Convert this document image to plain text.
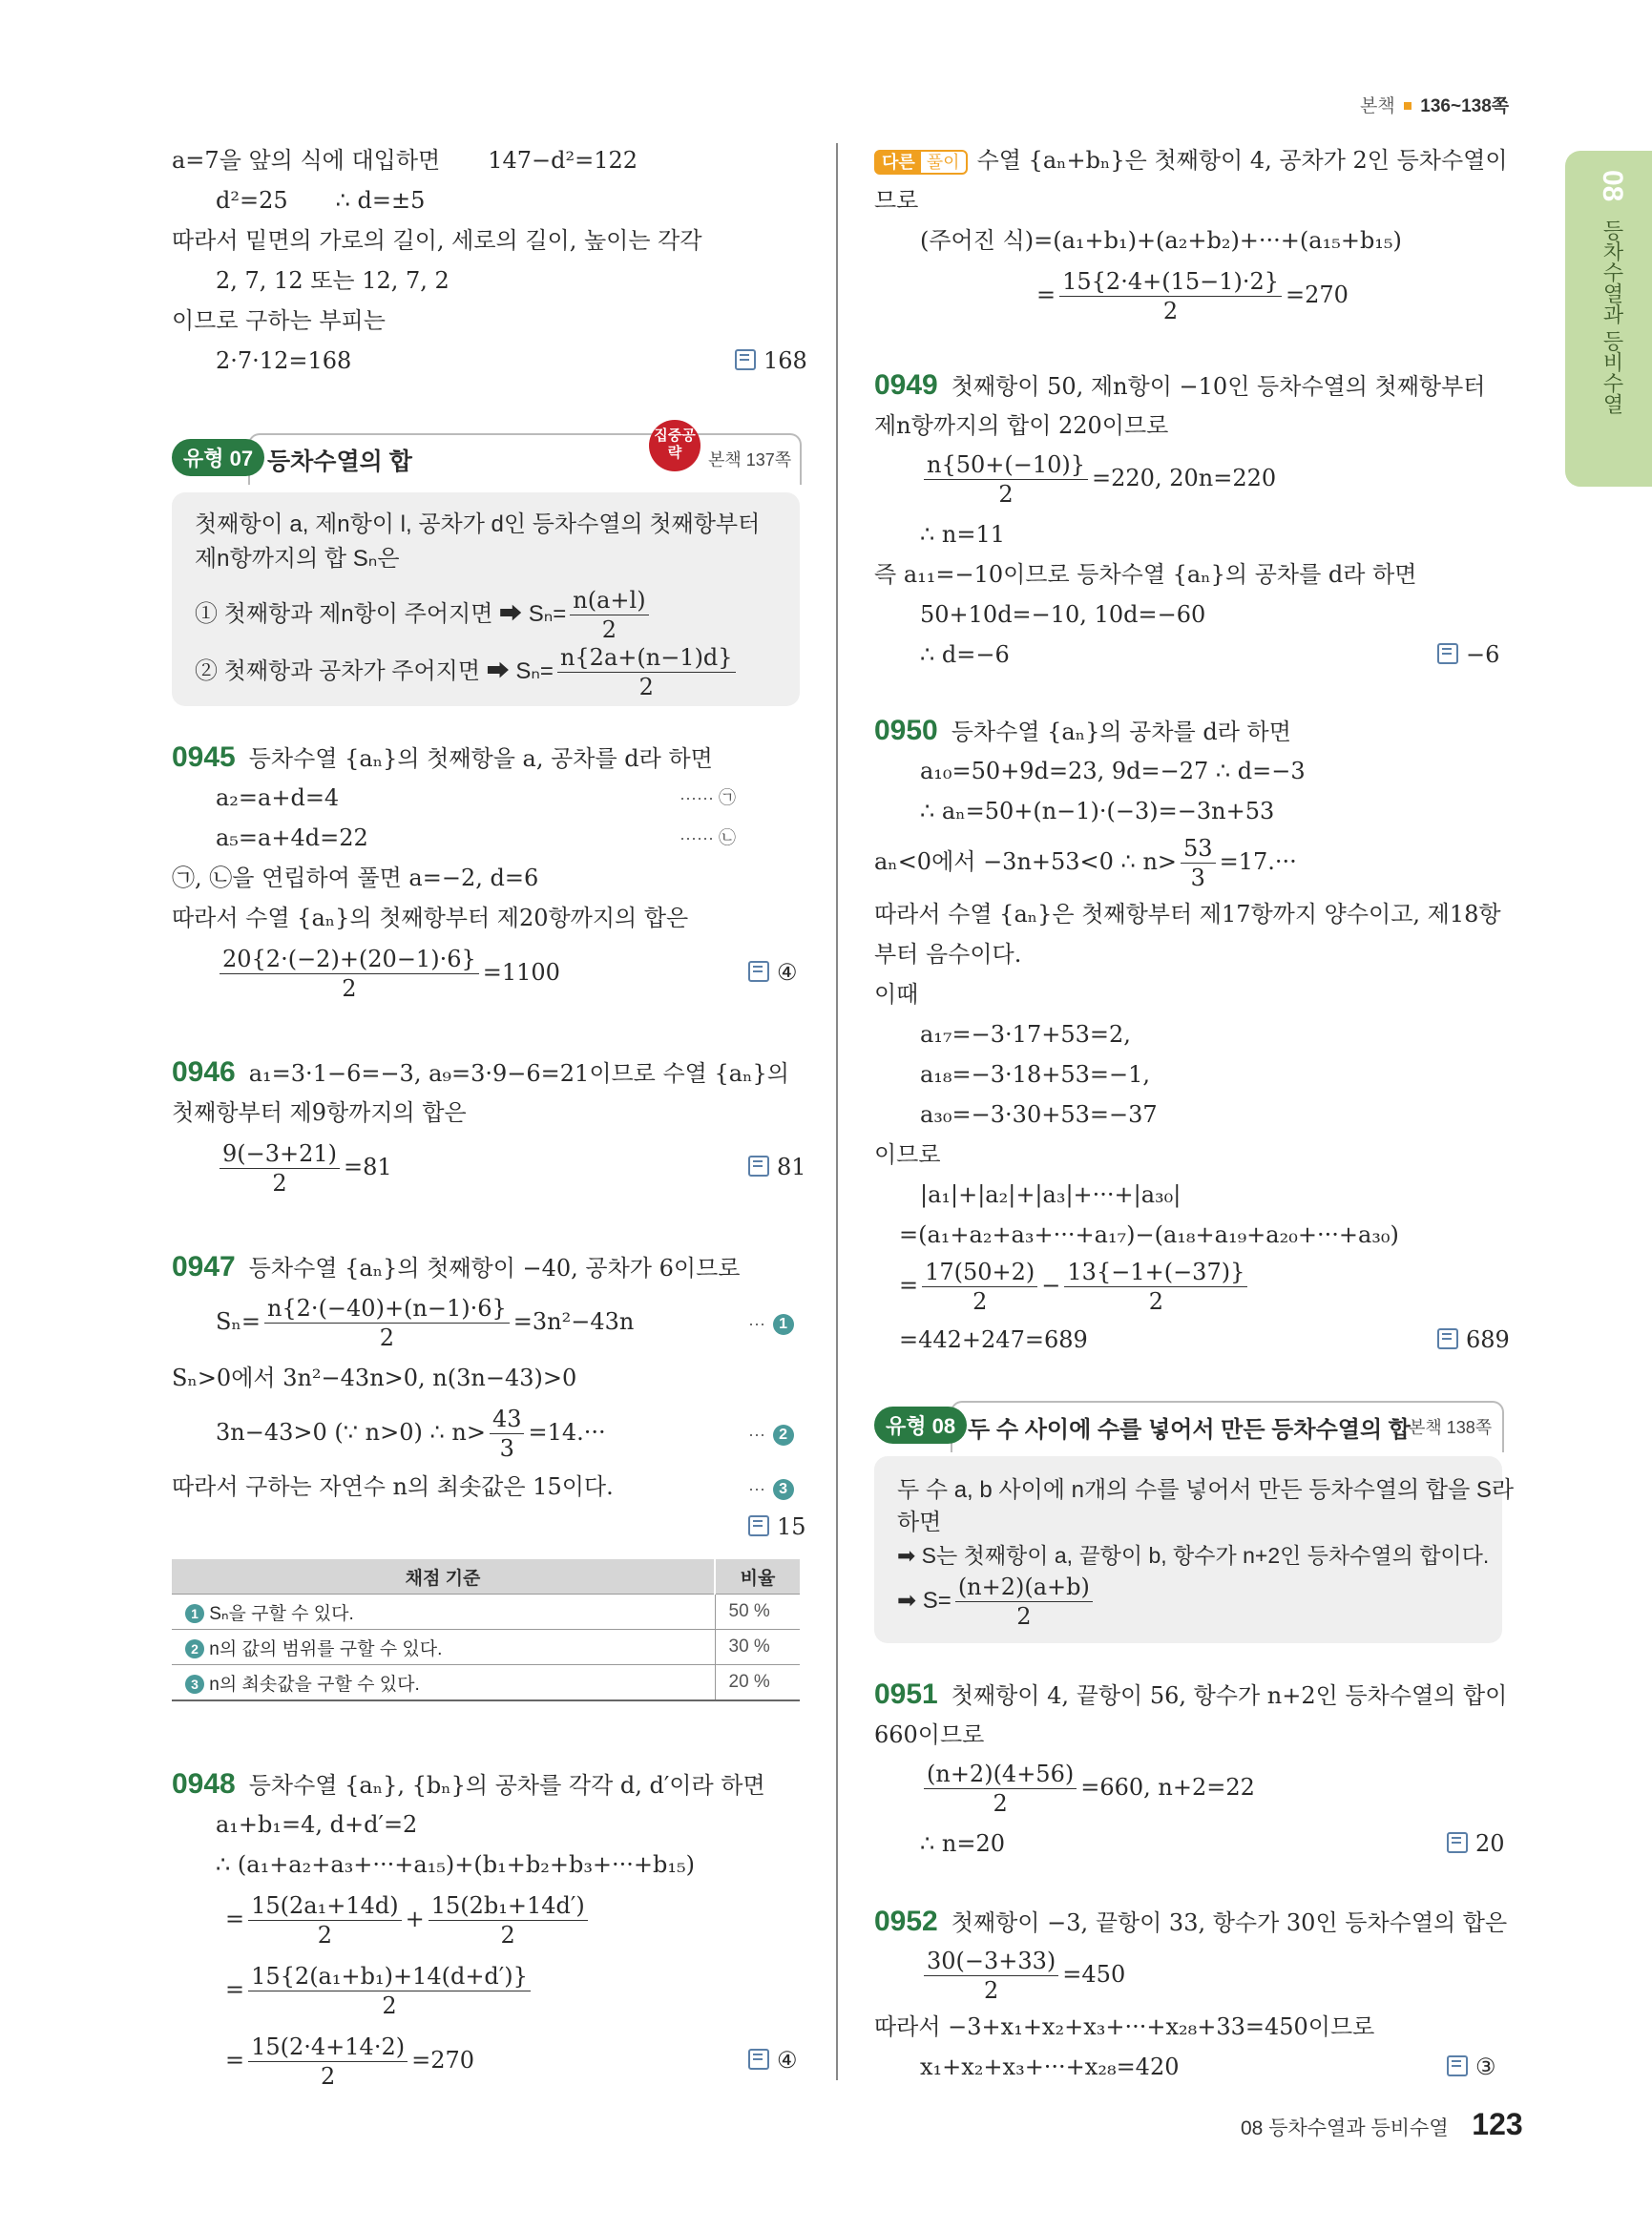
본책 136~138쪽
08
등차수열과 등비수열
a=7을 앞의 식에 대입하면 147−d²=122
d²=25 ∴ d=±5
따라서 밑면의 가로의 길이, 세로의 길이, 높이는 각각
2, 7, 12 또는 12, 7, 2
이므로 구하는 부피는
2·7·12=168	168
유형 07 등차수열의 합
집중공략	본책 137쪽
첫째항이 a, 제n항이 l, 공차가 d인 등차수열의 첫째항부터
제n항까지의 합 Sₙ은
① 첫째항과 제n항이 주어지면 ➡ $S_n= \frac{n(a+l)}{2}$
② 첫째항과 공차가 주어지면 ➡ $S_n= \frac{n\{2a+(n-1)d\}}{2}$
0945 등차수열 {aₙ}의 첫째항을 a, 공차를 d라 하면
a₂=a+d=4	······ ㉠
a₅=a+4d=22	······ ㉡
㉠, ㉡을 연립하여 풀면 a=−2, d=6
따라서 수열 {aₙ}의 첫째항부터 제20항까지의 합은
$\frac{20\{2\cdot(-2)+(20-1)\cdot 6\}}{2} =1100$	④
0946 a₁=3·1−6=−3, a₉=3·9−6=21이므로 수열 {aₙ}의
첫째항부터 제9항까지의 합은
$\frac{9(-3+21)}{2} =81$	81
0947 등차수열 {aₙ}의 첫째항이 −40, 공차가 6이므로
$S_n= \frac{n\{2\cdot(-40)+(n-1)\cdot 6\}}{2} =3n^2-43n$	··· 1
Sₙ>0에서 3n²−43n>0, n(3n−43)>0
3n−43>0 (∵ n>0) ∴ $n> \frac{43}{3} =14.\cdot\cdot\cdot$	··· 2
따라서 구하는 자연수 n의 최솟값은 15이다.	··· 3
15
채점 기준	비율
1 Sₙ을 구할 수 있다.	50 %
2 n의 값의 범위를 구할 수 있다.	30 %
3 n의 최솟값을 구할 수 있다.	20 %
0948 등차수열 {aₙ}, {bₙ}의 공차를 각각 d, d′이라 하면
a₁+b₁=4, d+d′=2
∴ (a₁+a₂+a₃+···+a₁₅)+(b₁+b₂+b₃+···+b₁₅)
= $\frac{\text{15(2a₁+14d)}}{2} + \frac{\text{15(2b₁+14d′)}}{2}$
= $\frac{\text{15\{2(a₁+b₁)+14(d+d′)\}}}{2}$
= $\frac{15(2\cdot 4+14\cdot 2)}{2} =270$	④
다른 풀이 수열 {aₙ+bₙ}은 첫째항이 4, 공차가 2인 등차수열이
므로
(주어진 식)=(a₁+b₁)+(a₂+b₂)+···+(a₁₅+b₁₅)
= $\frac{15\{2\cdot 4+(15-1)\cdot 2\}}{2} =270$
0949 첫째항이 50, 제n항이 −10인 등차수열의 첫째항부터
제n항까지의 합이 220이므로
$\frac{n\{50+(-10)\}}{2} =220$, 20n=220
∴ n=11
즉 a₁₁=−10이므로 등차수열 {aₙ}의 공차를 d라 하면
50+10d=−10, 10d=−60
∴ d=−6	−6
0950 등차수열 {aₙ}의 공차를 d라 하면
a₁₀=50+9d=23, 9d=−27 ∴ d=−3
∴ aₙ=50+(n−1)·(−3)=−3n+53
aₙ<0에서 −3n+53<0 ∴ $n> \frac{53}{3} =17.\cdot\cdot\cdot$
따라서 수열 {aₙ}은 첫째항부터 제17항까지 양수이고, 제18항
부터 음수이다.
이때
a₁₇=−3·17+53=2,
a₁₈=−3·18+53=−1,
a₃₀=−3·30+53=−37
이므로
|a₁|+|a₂|+|a₃|+···+|a₃₀|
=(a₁+a₂+a₃+···+a₁₇)−(a₁₈+a₁₉+a₂₀+···+a₃₀)
= $\frac{17(50+2)}{2} - \frac{13\{-1+(-37)\}}{2}$
=442+247=689	689
유형 08 두 수 사이에 수를 넣어서 만든 등차수열의 합
본책 138쪽
두 수 a, b 사이에 n개의 수를 넣어서 만든 등차수열의 합을 S라
하면
➡ S는 첫째항이 a, 끝항이 b, 항수가 n+2인 등차수열의 합이다.
➡ $S= \frac{(n+2)(a+b)}{2}$
0951 첫째항이 4, 끝항이 56, 항수가 n+2인 등차수열의 합이
660이므로
$\frac{(n+2)(4+56)}{2} =660$, n+2=22
∴ n=20	20
0952 첫째항이 −3, 끝항이 33, 항수가 30인 등차수열의 합은
$\frac{30(-3+33)}{2} =450$
따라서 −3+x₁+x₂+x₃+···+x₂₈+33=450이므로
x₁+x₂+x₃+···+x₂₈=420	③
08 등차수열과 등비수열 123
